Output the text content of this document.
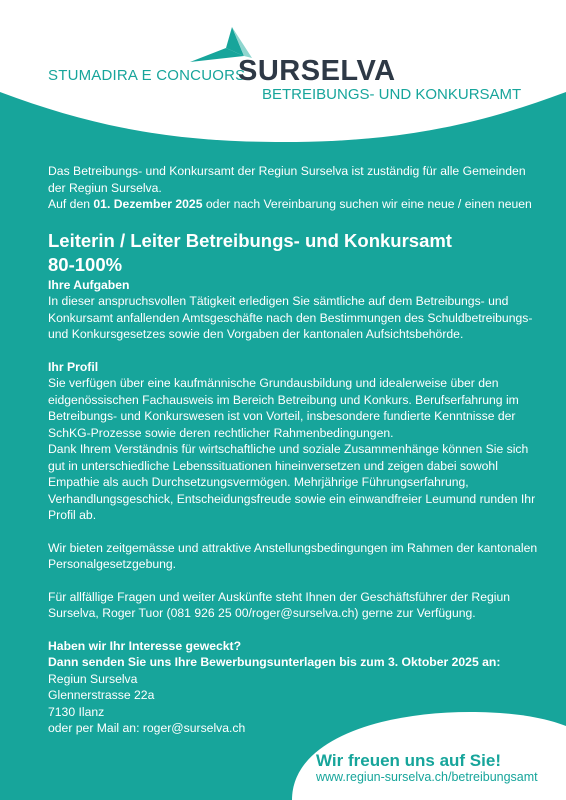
STUMADIRA E CONCUORS
SURSELVA
BETREIBUNGS- UND KONKURSAMT

Das Betreibungs- und Konkursamt der Regiun Surselva ist zuständig für alle Gemeinden der Regiun Surselva.

Auf den 01. Dezember 2025 oder nach Vereinbarung suchen wir eine neue / einen neuen

Leiterin / Leiter Betreibungs- und Konkursamt
80-100%

Ihre Aufgaben

In dieser anspruchsvollen Tätigkeit erledigen Sie sämtliche auf dem Betreibungs- und Konkursamt anfallenden Amtsgeschäfte nach den Bestimmungen des Schuldbetreibungs- und Konkursgesetzes sowie den Vorgaben der kantonalen Aufsichtsbehörde.

Ihr Profil

Sie verfügen über eine kaufmännische Grundausbildung und idealerweise über den eidgenössischen Fachausweis im Bereich Betreibung und Konkurs. Berufserfahrung im Betreibungs- und Konkurswesen ist von Vorteil, insbesondere fundierte Kenntnisse der SchKG-Prozesse sowie deren rechtlicher Rahmenbedingungen.

Dank Ihrem Verständnis für wirtschaftliche und soziale Zusammenhänge können Sie sich gut in unterschiedliche Lebenssituationen hineinversetzen und zeigen dabei sowohl Empathie als auch Durchsetzungsvermögen. Mehrjährige Führungserfahrung, Verhandlungsgeschick, Entscheidungsfreude sowie ein einwandfreier Leumund runden Ihr Profil ab.

Wir bieten zeitgemässe und attraktive Anstellungsbedingungen im Rahmen der kantonalen Personalgesetzgebung.

Für allfällige Fragen und weiter Auskünfte steht Ihnen der Geschäftsführer der Regiun Surselva, Roger Tuor (081 926 25 00/roger@surselva.ch) gerne zur Verfügung.

Haben wir Ihr Interesse geweckt?

Dann senden Sie uns Ihre Bewerbungsunterlagen bis zum 3. Oktober 2025 an:

Regiun Surselva

Glennerstrasse 22a

7130 Ilanz

oder per Mail an: roger@surselva.ch

Wir freuen uns auf Sie!
www.regiun-surselva.ch/betreibungsamt
